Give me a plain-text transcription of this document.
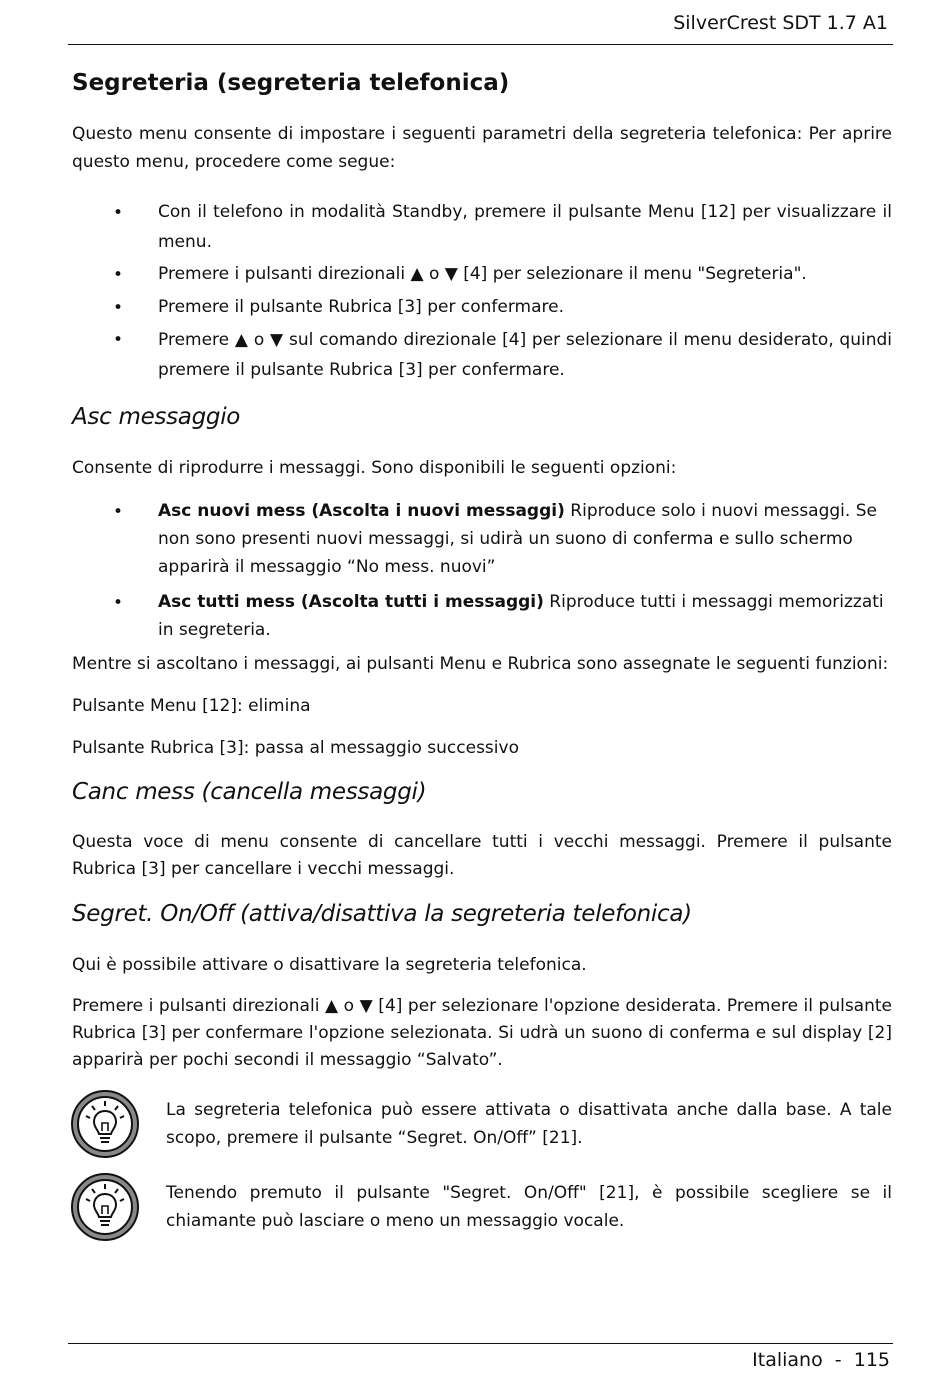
SilverCrest SDT 1.7 A1
Segreteria (segreteria telefonica)
Questo menu consente di impostare i seguenti parametri della segreteria telefonica: Per aprire questo menu, procedere come segue:
• Con il telefono in modalità Standby, premere il pulsante Menu [12] per visualizzare il menu.
• Premere i pulsanti direzionali ▲ o ▼ [4] per selezionare il menu "Segreteria".
• Premere il pulsante Rubrica [3] per confermare.
• Premere ▲ o ▼ sul comando direzionale [4] per selezionare il menu desiderato, quindi premere il pulsante Rubrica [3] per confermare.
Asc messaggio
Consente di riprodurre i messaggi. Sono disponibili le seguenti opzioni:
• Asc nuovi mess (Ascolta i nuovi messaggi) Riproduce solo i nuovi messaggi. Se non sono presenti nuovi messaggi, si udirà un suono di conferma e sullo schermo apparirà il messaggio “No mess. nuovi”
• Asc tutti mess (Ascolta tutti i messaggi) Riproduce tutti i messaggi memorizzati in segreteria.
Mentre si ascoltano i messaggi, ai pulsanti Menu e Rubrica sono assegnate le seguenti funzioni:
Pulsante Menu [12]: elimina
Pulsante Rubrica [3]: passa al messaggio successivo
Canc mess (cancella messaggi)
Questa voce di menu consente di cancellare tutti i vecchi messaggi. Premere il pulsante Rubrica [3] per cancellare i vecchi messaggi.
Segret. On/Off (attiva/disattiva la segreteria telefonica)
Qui è possibile attivare o disattivare la segreteria telefonica.
Premere i pulsanti direzionali ▲ o ▼ [4] per selezionare l'opzione desiderata. Premere il pulsante Rubrica [3] per confermare l'opzione selezionata. Si udrà un suono di conferma e sul display [2] apparirà per pochi secondi il messaggio “Salvato”.
La segreteria telefonica può essere attivata o disattivata anche dalla base. A tale scopo, premere il pulsante “Segret. On/Off” [21].
Tenendo premuto il pulsante "Segret. On/Off" [21], è possibile scegliere se il chiamante può lasciare o meno un messaggio vocale.
Italiano  -  115
